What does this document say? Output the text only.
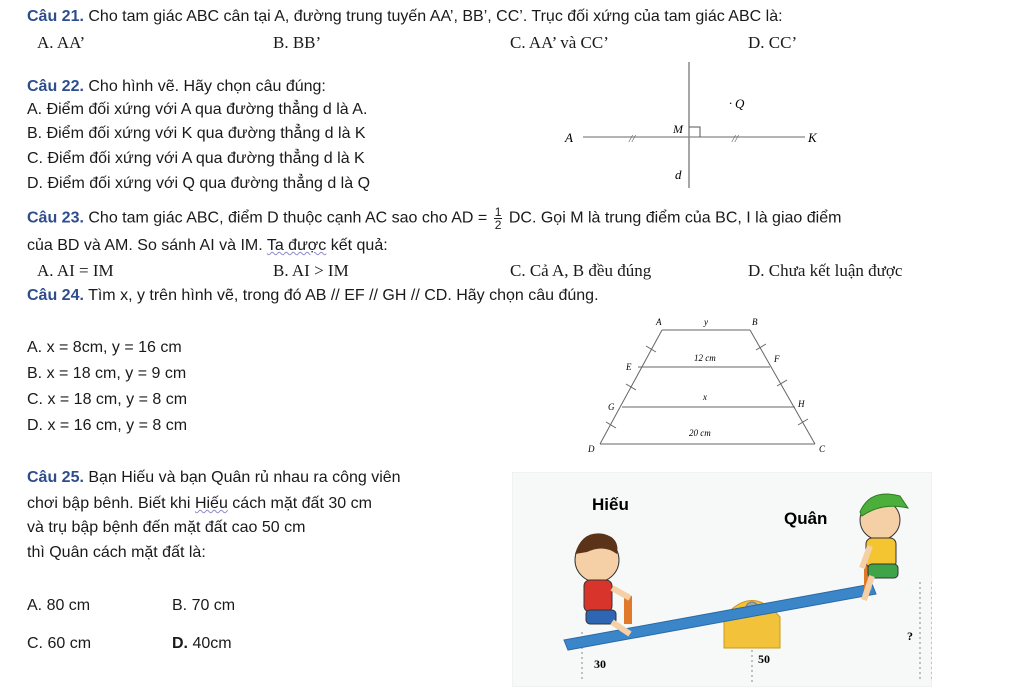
Câu 21. Cho tam giác ABC cân tại A, đường trung tuyến AA’, BB’, CC’. Trục đối xứng của tam giác ABC là:
A. AA’	B. BB’	C. AA’ và CC’	D. CC’
Câu 22. Cho hình vẽ. Hãy chọn câu đúng:
A. Điểm đối xứng với A qua đường thẳng d là A.
B. Điểm đối xứng với K qua đường thẳng d là K
C. Điểm đối xứng với A qua đường thẳng d là K
D. Điểm đối xứng với Q qua đường thẳng d là Q
A	K
M
. Q
d
//	//
Câu 23. Cho tam giác ABC, điểm D thuộc cạnh AC sao cho AD = $\frac{1}{2}$ DC. Gọi M là trung điểm của BC, I là giao điểm
của BD và AM. So sánh AI và IM. Ta được kết quả:
A. AI = IM	B. AI > IM	C. Cả A, B đều đúng	D. Chưa kết luận được
Câu 24. Tìm x, y trên hình vẽ, trong đó AB // EF // GH // CD. Hãy chọn câu đúng.
A. x = 8cm, y = 16 cm
B. x = 18 cm, y = 9 cm
C. x = 18 cm, y = 8 cm
D. x = 16 cm, y = 8 cm
A	B
y
E
F
12 cm
G	H
x
20 cm
D	C
Câu 25. Bạn Hiếu và bạn Quân rủ nhau ra công viên
chơi bập bênh. Biết khi Hiếu cách mặt đất 30 cm
và trụ bập bệnh đến mặt đất cao 50 cm
thì Quân cách mặt đất là:
A. 80 cm	B. 70 cm
C. 60 cm	D. 40cm
Hiếu
Quân
30	50
?
